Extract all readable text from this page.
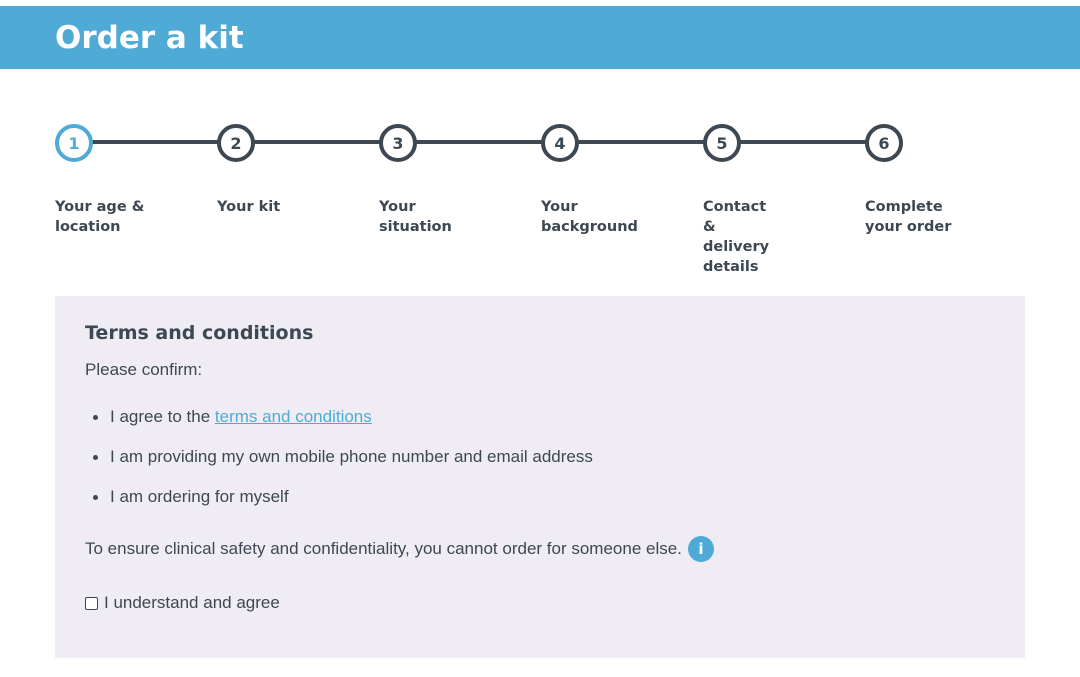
Order a kit
1	2	3	4	5	6
Your age & location
Your kit	Your situation
Your background
Contact & delivery details
Complete your order
Terms and conditions

Please confirm:

I agree to the terms and conditions
I am providing my own mobile phone number and email address
I am ordering for myself

To ensure clinical safety and confidentiality, you cannot order for someone else.	i

I understand and agree
